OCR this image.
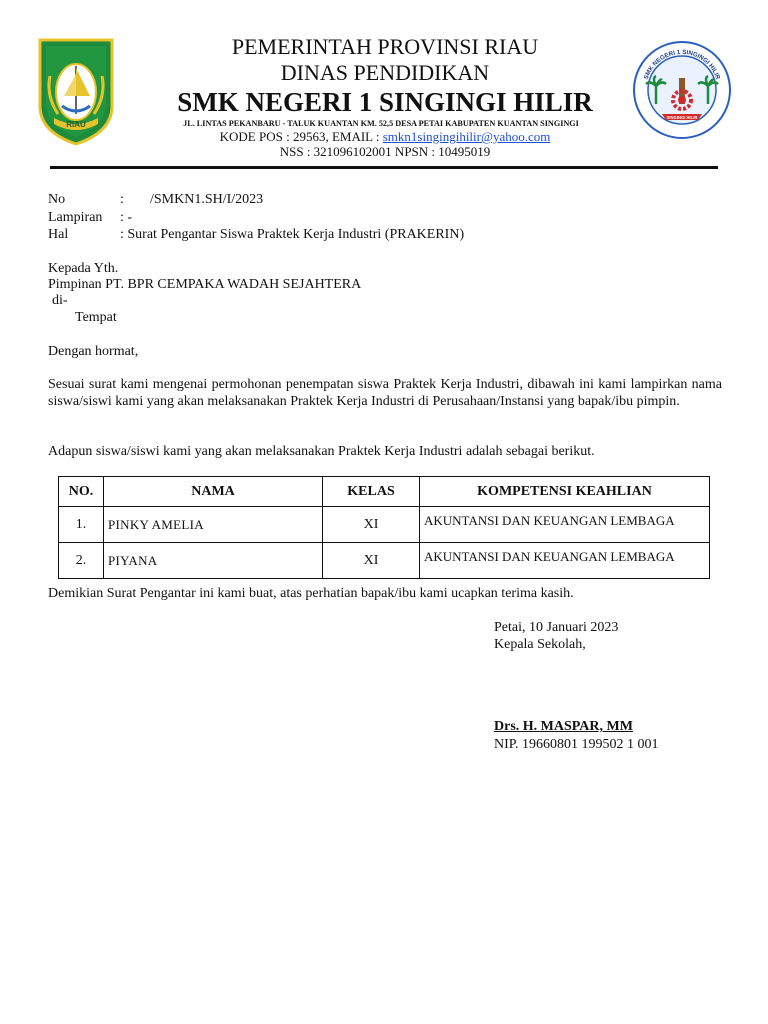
RIAU
PEMERINTAH PROVINSI RIAU
DINAS PENDIDIKAN
SMK NEGERI 1 SINGINGI HILIR
JL. LINTAS PEKANBARU - TALUK KUANTAN KM. 52,5 DESA PETAI KABUPATEN KUANTAN SINGINGI
KODE POS : 29563, EMAIL : smkn1singingihilir@yahoo.com
NSS : 321096102001 NPSN : 10495019
SMK NEGERI 1 SINGINGI HILIR
SINGINGI HILIR
No	: /SMKN1.SH/I/2023
Lampiran : -
Hal	: Surat Pengantar Siswa Praktek Kerja Industri (PRAKERIN)
Kepada Yth.
Pimpinan PT. BPR CEMPAKA WADAH SEJAHTERA
di-
Tempat
Dengan hormat,
Sesuai surat kami mengenai permohonan penempatan siswa Praktek Kerja Industri, dibawah ini kami lampirkan nama siswa/siswi kami yang akan melaksanakan Praktek Kerja Industri di Perusahaan/Instansi yang bapak/ibu pimpin.
Adapun siswa/siswi kami yang akan melaksanakan Praktek Kerja Industri adalah sebagai berikut.
NO.	NAMA	KELAS	KOMPETENSI KEAHLIAN
1.	PINKY AMELIA	XI	AKUNTANSI DAN KEUANGAN LEMBAGA
2.	PIYANA	XI	AKUNTANSI DAN KEUANGAN LEMBAGA
Demikian Surat Pengantar ini kami buat, atas perhatian bapak/ibu kami ucapkan terima kasih.
Petai, 10 Januari 2023
Kepala Sekolah,
Drs. H. MASPAR, MM
NIP. 19660801 199502 1 001
